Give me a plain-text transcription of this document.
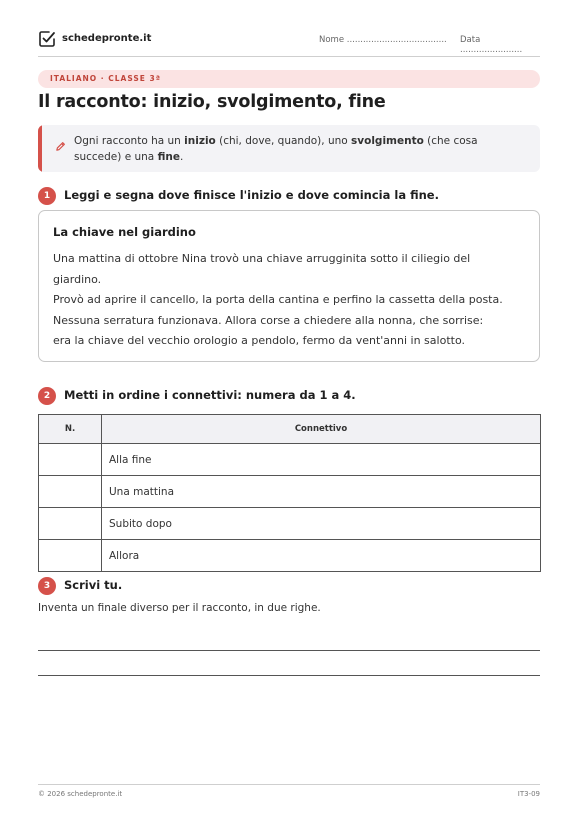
schedepronte.it	Nome ..................................... Data .......................
ITALIANO · CLASSE 3ª
Il racconto: inizio, svolgimento, fine
Ogni racconto ha un inizio (chi, dove, quando), uno svolgimento (che cosa succede) e una fine.
1	Leggi e segna dove finisce l'inizio e dove comincia la fine.
La chiave nel giardino
Una mattina di ottobre Nina trovò una chiave arrugginita sotto il ciliegio del
giardino.
Provò ad aprire il cancello, la porta della cantina e perfino la cassetta della posta.
Nessuna serratura funzionava. Allora corse a chiedere alla nonna, che sorrise:
era la chiave del vecchio orologio a pendolo, fermo da vent'anni in salotto.
2	Metti in ordine i connettivi: numera da 1 a 4.
N.	Connettivo
	Alla fine
	Una mattina
	Subito dopo
	Allora
3	Scrivi tu.
Inventa un finale diverso per il racconto, in due righe.
© 2026 schedepronte.it	IT3-09
